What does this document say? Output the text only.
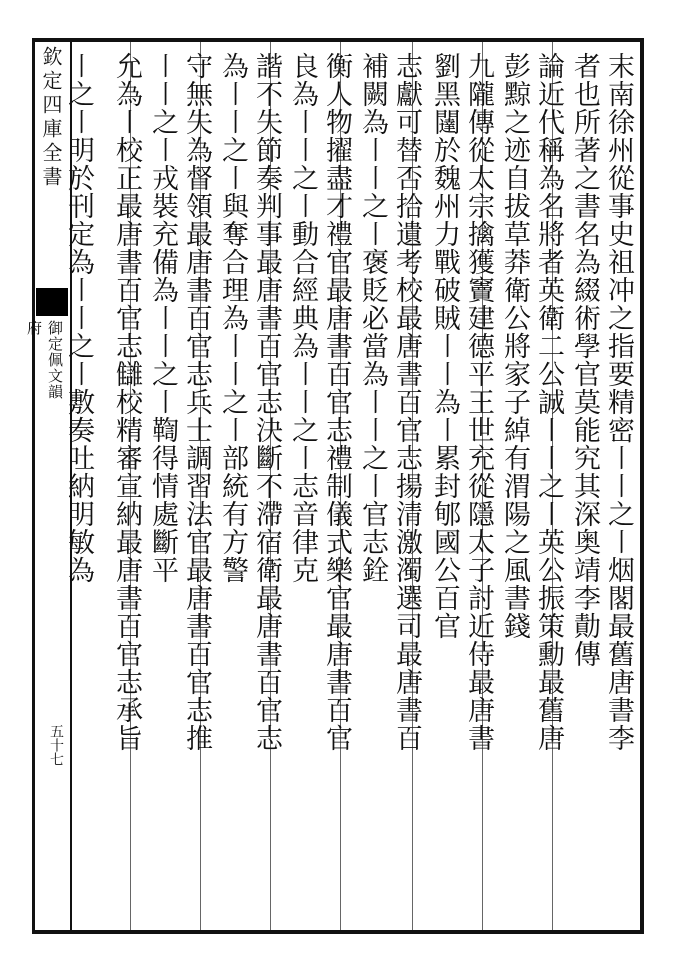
欽定四庫全書
御定佩文韻府
五十七	末南徐州從事史祖冲之指要精密〡〡之〡烟閣最舊唐書李
者也所著之書名為綴術學官莫能究其深奥靖李勣傳
論近代稱為名將者英衛二公誠〡〡之〡英公振策勳最舊唐
彭黥之迹自拔草莽衛公將家子綽有渭陽之風書錢
九隴傳從太宗擒獲竇建德平王世充從隱太子討近侍最唐書
劉黑闥於魏州力戰破賊〡〡為〡累封郇國公百官
志獻可替否拾遺考校最唐書百官志揚清激濁選司最唐書百
補闕為〡〡之〡褒貶必當為〡〡之〡官志銓
衡人物擢盡才禮官最唐書百官志禮制儀式樂官最唐書百官
良為〡〡之〡動合經典為〡〡之〡志音律克
諧不失節奏判事最唐書百官志決斷不滯宿衛最唐書百官志
為〡〡之〡與奪合理為〡〡之〡部統有方警
守無失為督領最唐書百官志兵士調習法官最唐書百官志推
〡〡之〡戎裝充備為〡〡之〡鞫得情處斷平
允為〡校正最唐書百官志讎校精審宣納最唐書百官志承旨
〡之〡明於刊定為〡〡之〡敷奏吐納明敏為
